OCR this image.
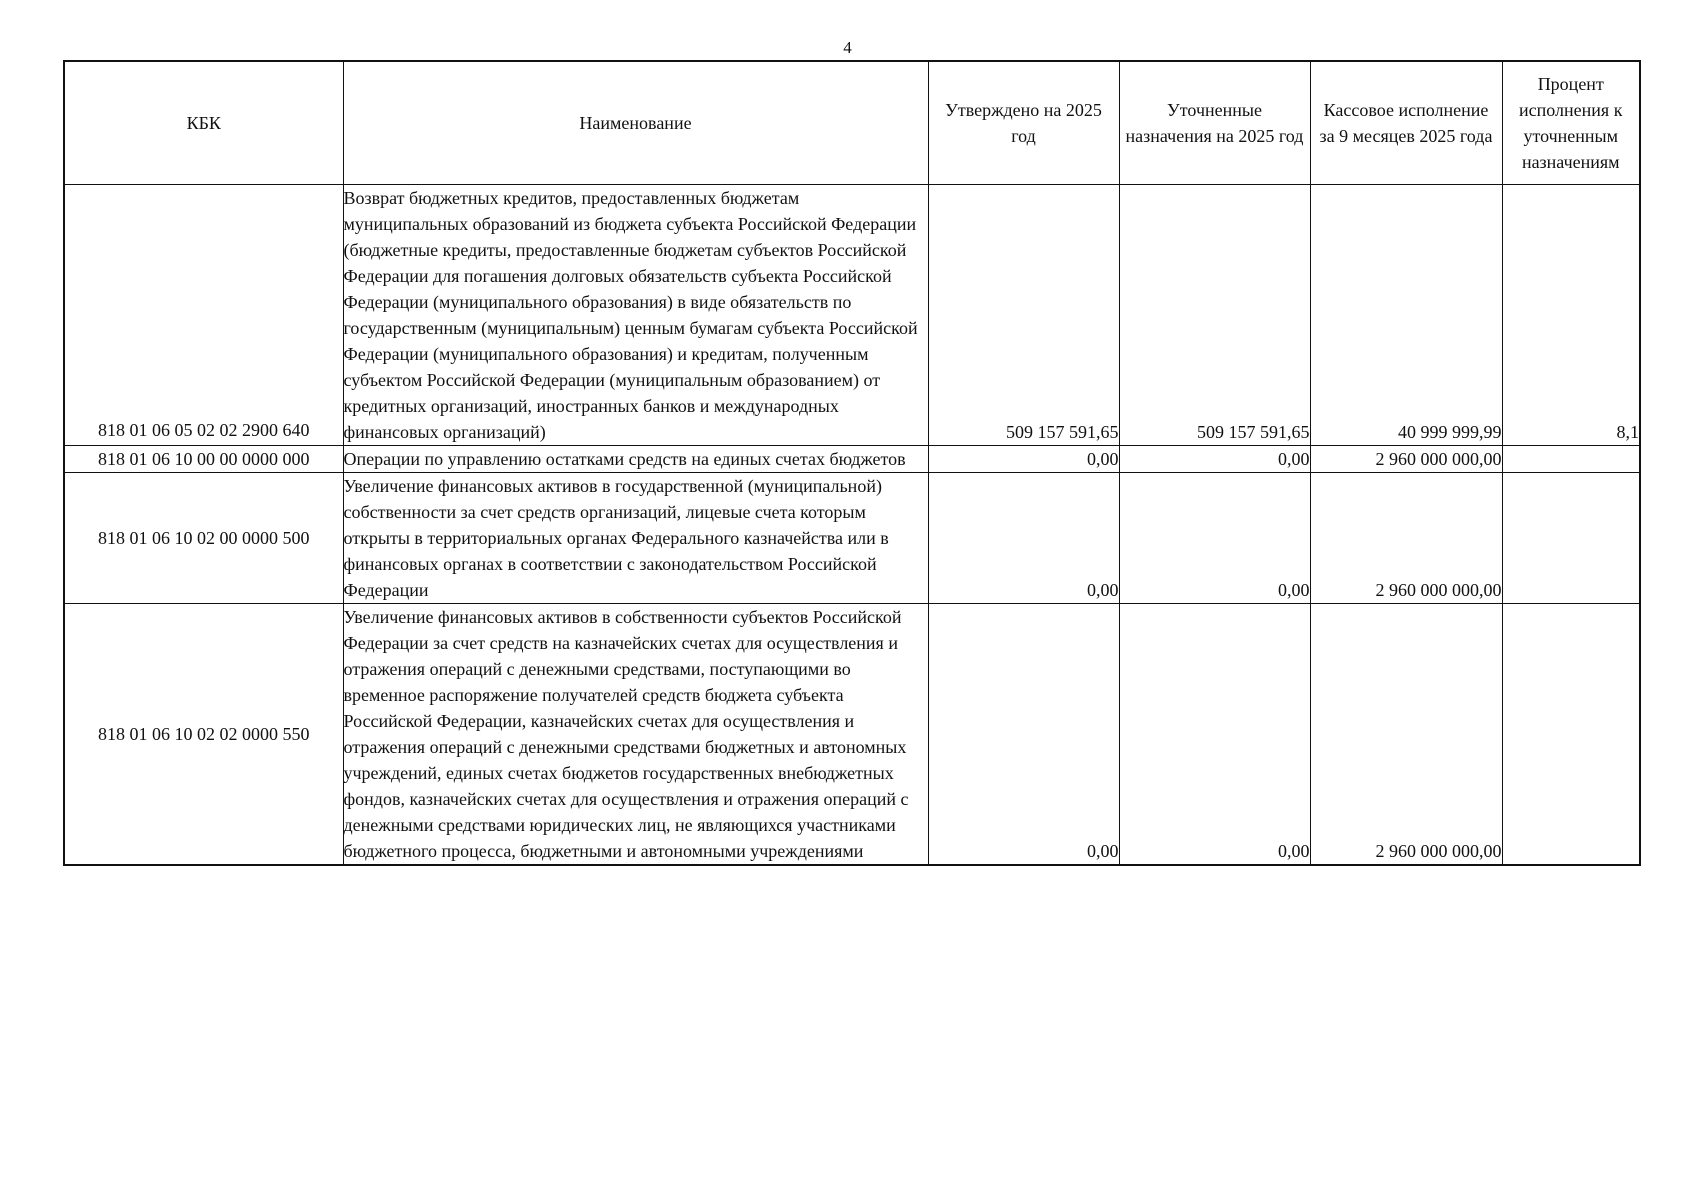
4
КБК	Наименование	Утверждено на 2025 год	Уточненные назначения на 2025 год	Кассовое исполнение за 9 месяцев 2025 года	Процент исполнения к уточненным назначениям
818 01 06 05 02 02 2900 640	Возврат бюджетных кредитов, предоставленных бюджетам муниципальных образований из бюджета субъекта Российской Федерации (бюджетные кредиты, предоставленные бюджетам субъектов Российской Федерации для погашения долговых обязательств субъекта Российской Федерации (муниципального образования) в виде обязательств по государственным (муниципальным) ценным бумагам субъекта Российской Федерации (муниципального образования) и кредитам, полученным субъектом Российской Федерации (муниципальным образованием) от кредитных организаций, иностранных банков и международных финансовых организаций)	509 157 591,65	509 157 591,65	40 999 999,99	8,1
818 01 06 10 00 00 0000 000	Операции по управлению остатками средств на единых счетах бюджетов	0,00	0,00	2 960 000 000,00	
818 01 06 10 02 00 0000 500	Увеличение финансовых активов в государственной (муниципальной) собственности за счет средств организаций, лицевые счета которым открыты в территориальных органах Федерального казначейства или в финансовых органах в соответствии с законодательством Российской Федерации	0,00	0,00	2 960 000 000,00	
818 01 06 10 02 02 0000 550	Увеличение финансовых активов в собственности субъектов Российской Федерации за счет средств на казначейских счетах для осуществления и отражения операций с денежными средствами, поступающими во временное распоряжение получателей средств бюджета субъекта Российской Федерации, казначейских счетах для осуществления и отражения операций с денежными средствами бюджетных и автономных учреждений, единых счетах бюджетов государственных внебюджетных фондов, казначейских счетах для осуществления и отражения операций с денежными средствами юридических лиц, не являющихся участниками бюджетного процесса, бюджетными и автономными учреждениями	0,00	0,00	2 960 000 000,00	
